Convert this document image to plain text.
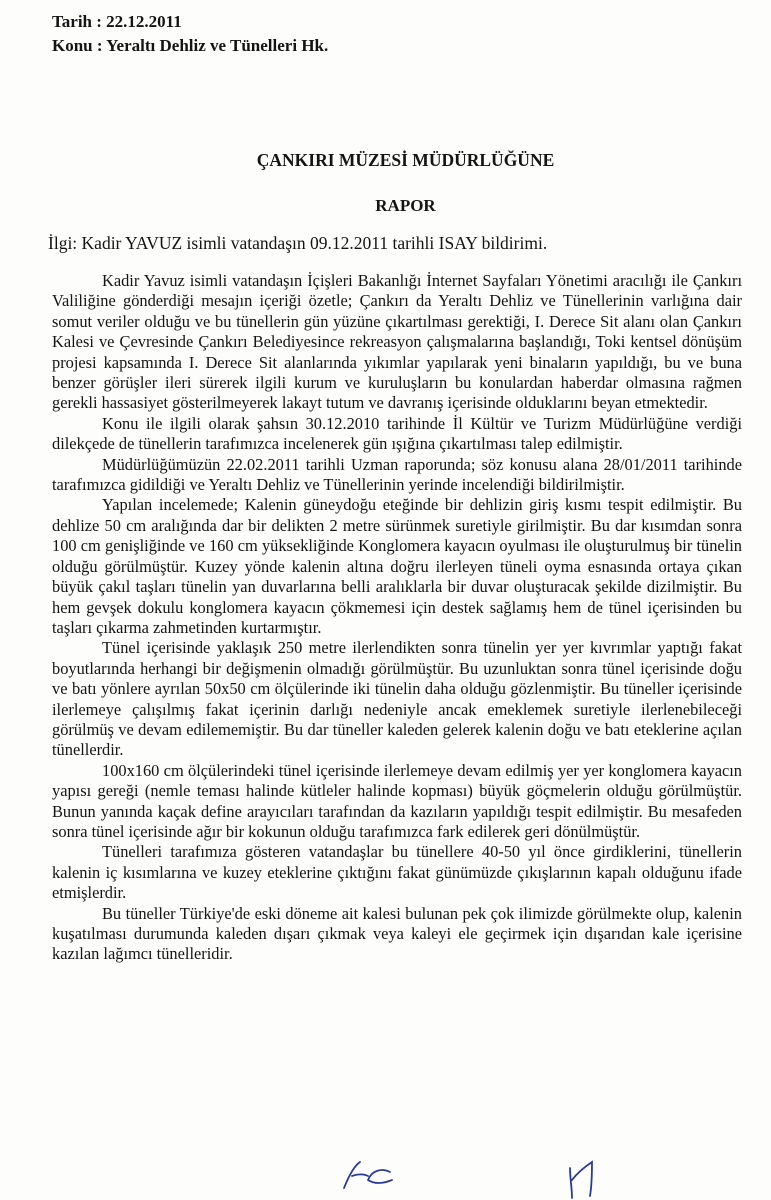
Tarih : 22.12.2011
Konu : Yeraltı Dehliz ve Tünelleri Hk.
ÇANKIRI MÜZESİ MÜDÜRLÜĞÜNE
RAPOR
İlgi: Kadir YAVUZ isimli vatandaşın 09.12.2011 tarihli ISAY bildirimi.

Kadir Yavuz isimli vatandaşın İçişleri Bakanlığı İnternet Sayfaları Yönetimi aracılığı ile Çankırı Valiliğine gönderdiği mesajın içeriği özetle; Çankırı da Yeraltı Dehliz ve Tünellerinin varlığına dair somut veriler olduğu ve bu tünellerin gün yüzüne çıkartılması gerektiği, I. Derece Sit alanı olan Çankırı Kalesi ve Çevresinde Çankırı Belediyesince rekreasyon çalışmalarına başlandığı, Toki kentsel dönüşüm projesi kapsamında I. Derece Sit alanlarında yıkımlar yapılarak yeni binaların yapıldığı, bu ve buna benzer görüşler ileri sürerek ilgili kurum ve kuruluşların bu konulardan haberdar olmasına rağmen gerekli hassasiyet gösterilmeyerek lakayt tutum ve davranış içerisinde olduklarını beyan etmektedir.

Konu ile ilgili olarak şahsın 30.12.2010 tarihinde İl Kültür ve Turizm Müdürlüğüne verdiği dilekçede de tünellerin tarafımızca incelenerek gün ışığına çıkartılması talep edilmiştir.

Müdürlüğümüzün 22.02.2011 tarihli Uzman raporunda; söz konusu alana 28/01/2011 tarihinde tarafımızca gidildiği ve Yeraltı Dehliz ve Tünellerinin yerinde incelendiği bildirilmiştir.

Yapılan incelemede; Kalenin güneydoğu eteğinde bir dehlizin giriş kısmı tespit edilmiştir. Bu dehlize 50 cm aralığında dar bir delikten 2 metre sürünmek suretiyle girilmiştir. Bu dar kısımdan sonra 100 cm genişliğinde ve 160 cm yüksekliğinde Konglomera kayacın oyulması ile oluşturulmuş bir tünelin olduğu görülmüştür. Kuzey yönde kalenin altına doğru ilerleyen tüneli oyma esnasında ortaya çıkan büyük çakıl taşları tünelin yan duvarlarına belli aralıklarla bir duvar oluşturacak şekilde dizilmiştir. Bu hem gevşek dokulu konglomera kayacın çökmemesi için destek sağlamış hem de tünel içerisinden bu taşları çıkarma zahmetinden kurtarmıştır.

Tünel içerisinde yaklaşık 250 metre ilerlendikten sonra tünelin yer yer kıvrımlar yaptığı fakat boyutlarında herhangi bir değişmenin olmadığı görülmüştür. Bu uzunluktan sonra tünel içerisinde doğu ve batı yönlere ayrılan 50x50 cm ölçülerinde iki tünelin daha olduğu gözlenmiştir. Bu tüneller içerisinde ilerlemeye çalışılmış fakat içerinin darlığı nedeniyle ancak emeklemek suretiyle ilerlenebileceği görülmüş ve devam edilememiştir. Bu dar tüneller kaleden gelerek kalenin doğu ve batı eteklerine açılan tünellerdir.

100x160 cm ölçülerindeki tünel içerisinde ilerlemeye devam edilmiş yer yer konglomera kayacın yapısı gereği (nemle teması halinde kütleler halinde kopması) büyük göçmelerin olduğu görülmüştür. Bunun yanında kaçak define arayıcıları tarafından da kazıların yapıldığı tespit edilmiştir. Bu mesafeden sonra tünel içerisinde ağır bir kokunun olduğu tarafımızca fark edilerek geri dönülmüştür.

Tünelleri tarafımıza gösteren vatandaşlar bu tünellere 40-50 yıl önce girdiklerini, tünellerin kalenin iç kısımlarına ve kuzey eteklerine çıktığını fakat günümüzde çıkışlarının kapalı olduğunu ifade etmişlerdir.

Bu tüneller Türkiye'de eski döneme ait kalesi bulunan pek çok ilimizde görülmekte olup, kalenin kuşatılması durumunda kaleden dışarı çıkmak veya kaleyi ele geçirmek için dışarıdan kale içerisine kazılan lağımcı tünelleridir.
